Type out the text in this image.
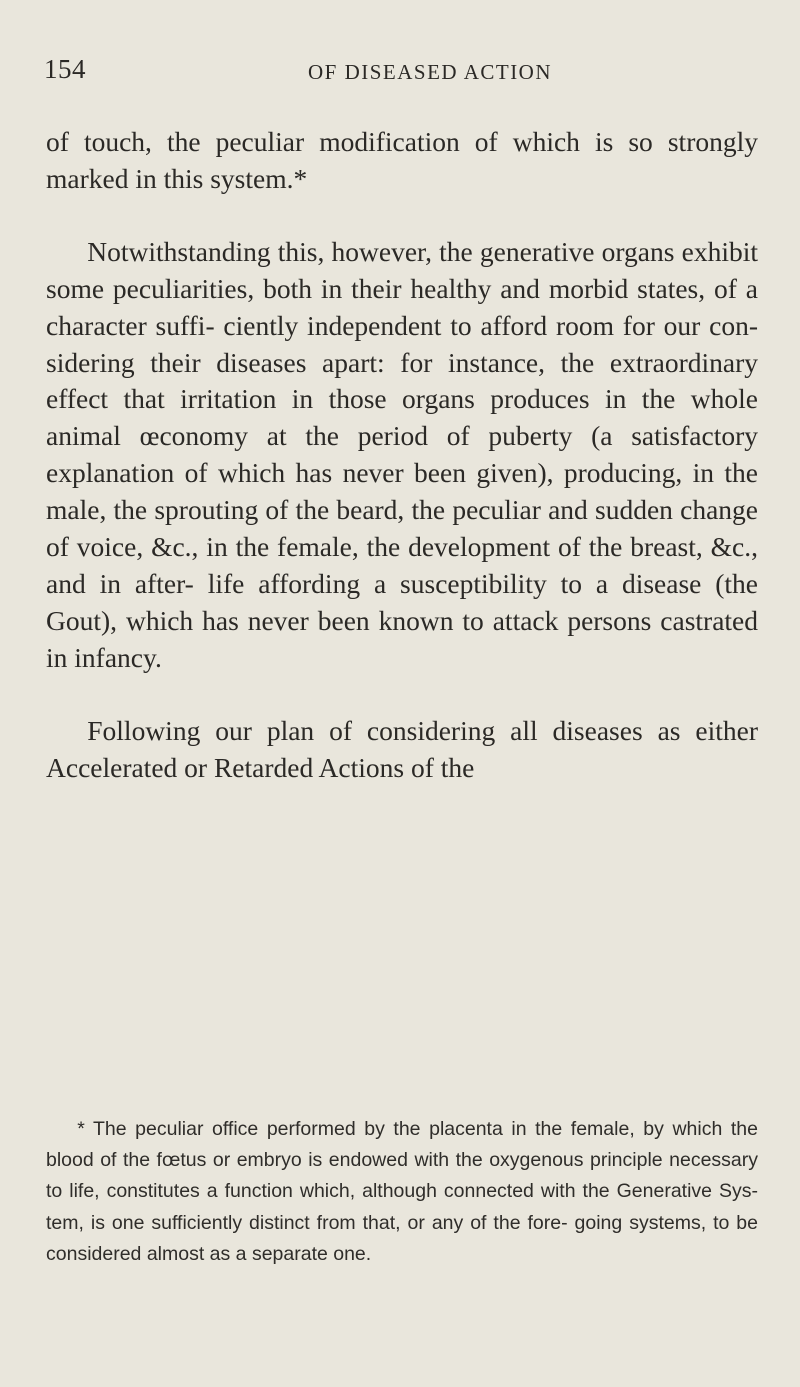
154	OF DISEASED ACTION

of touch, the peculiar modification of which is so strongly marked in this system.*

Notwithstanding this, however, the generative organs exhibit some peculiarities, both in their healthy and morbid states, of a character suffi- ciently independent to afford room for our con- sidering their diseases apart: for instance, the extraordinary effect that irritation in those organs produces in the whole animal œconomy at the period of puberty (a satisfactory explanation of which has never been given), producing, in the male, the sprouting of the beard, the peculiar and sudden change of voice, &c., in the female, the development of the breast, &c., and in after- life affording a susceptibility to a disease (the Gout), which has never been known to attack persons castrated in infancy.

Following our plan of considering all diseases as either Accelerated or Retarded Actions of the

* The peculiar office performed by the placenta in the female, by which the blood of the fœtus or embryo is endowed with the oxygenous principle necessary to life, constitutes a function which, although connected with the Generative Sys- tem, is one sufficiently distinct from that, or any of the fore- going systems, to be considered almost as a separate one.
